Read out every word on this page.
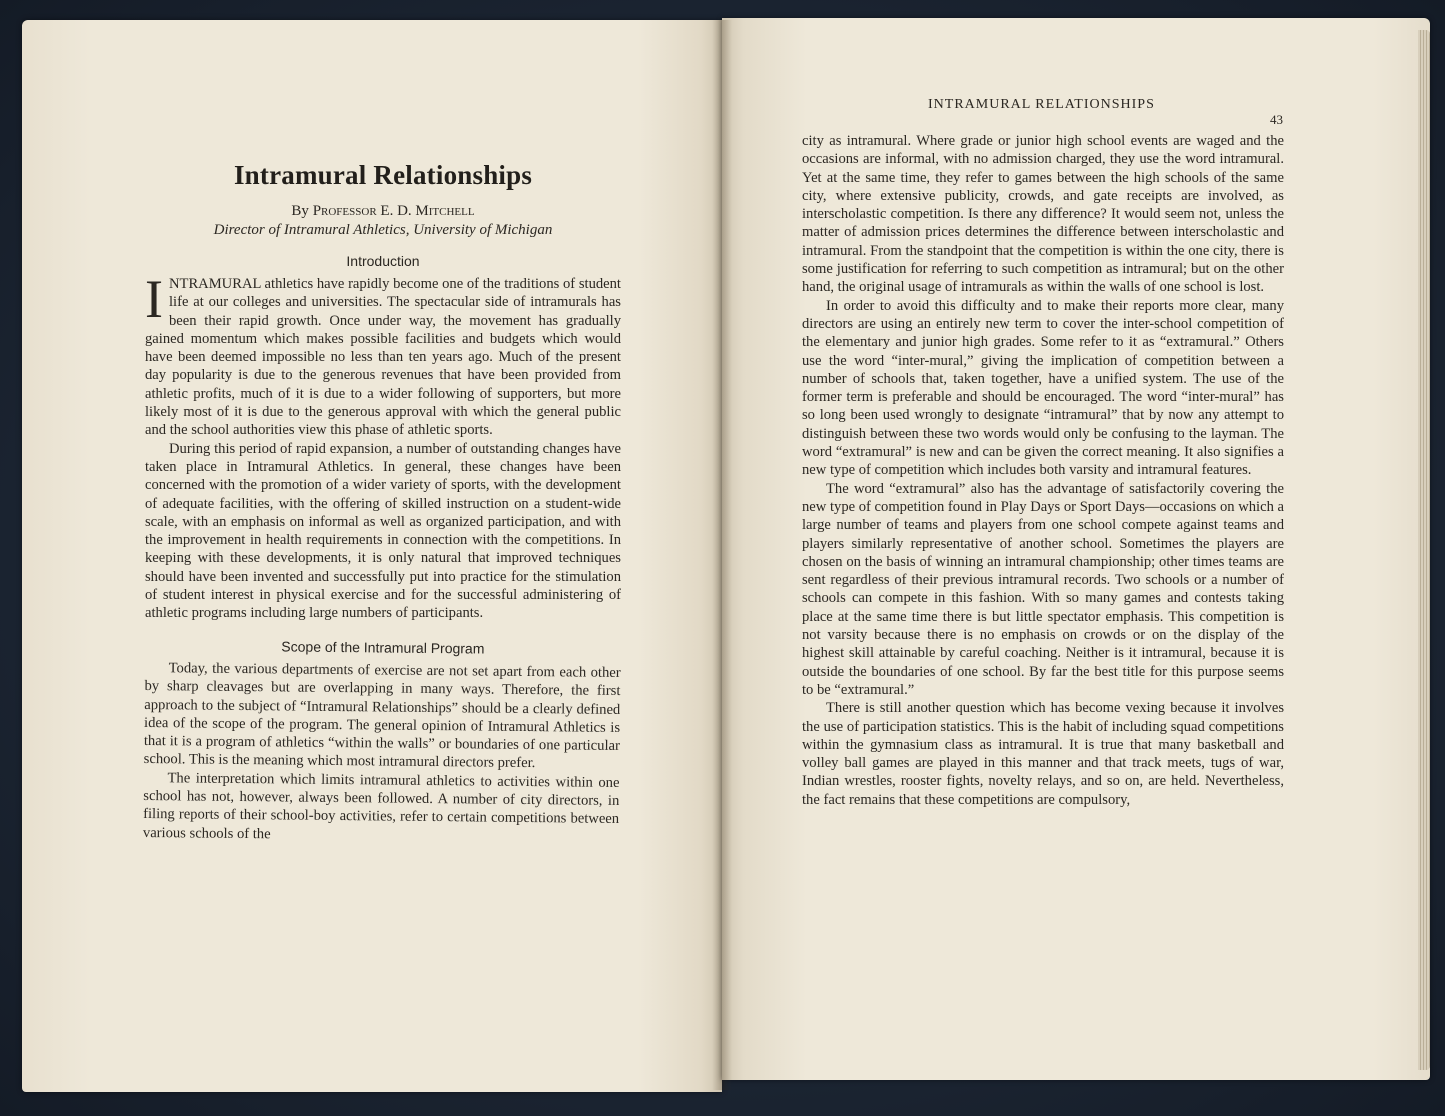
Intramural Relationships

By Professor E. D. Mitchell

Director of Intramural Athletics, University of Michigan

Introduction

INTRAMURAL athletics have rapidly become one of the traditions of student life at our colleges and universities. The spectacular side of intramurals has been their rapid growth. Once under way, the movement has gradually gained momentum which makes possible facilities and budgets which would have been deemed impossible no less than ten years ago. Much of the present day popularity is due to the generous revenues that have been provided from athletic profits, much of it is due to a wider following of supporters, but more likely most of it is due to the generous approval with which the general public and the school authorities view this phase of athletic sports.

During this period of rapid expansion, a number of outstanding changes have taken place in Intramural Athletics. In general, these changes have been concerned with the promotion of a wider variety of sports, with the development of adequate facilities, with the offering of skilled instruction on a student-wide scale, with an emphasis on informal as well as organized participation, and with the improvement in health requirements in connection with the competitions. In keeping with these developments, it is only natural that improved techniques should have been invented and successfully put into practice for the stimulation of student interest in physical exercise and for the successful administering of athletic programs including large numbers of participants.

Scope of the Intramural Program

Today, the various departments of exercise are not set apart from each other by sharp cleavages but are overlapping in many ways. Therefore, the first approach to the subject of “Intramural Relationships” should be a clearly defined idea of the scope of the program. The general opinion of Intramural Athletics is that it is a program of athletics “within the walls” or boundaries of one particular school. This is the meaning which most intramural directors prefer.

The interpretation which limits intramural athletics to activities within one school has not, however, always been followed. A number of city directors, in filing reports of their school-boy activities, refer to certain competitions between various schools of the

INTRAMURAL RELATIONSHIPS
43

city as intramural. Where grade or junior high school events are waged and the occasions are informal, with no admission charged, they use the word intramural. Yet at the same time, they refer to games between the high schools of the same city, where extensive publicity, crowds, and gate receipts are involved, as interscholastic competition. Is there any difference? It would seem not, unless the matter of admission prices determines the difference between interscholastic and intramural. From the standpoint that the competition is within the one city, there is some justification for referring to such competition as intramural; but on the other hand, the original usage of intramurals as within the walls of one school is lost.

In order to avoid this difficulty and to make their reports more clear, many directors are using an entirely new term to cover the inter-school competition of the elementary and junior high grades. Some refer to it as “extramural.” Others use the word “inter-mural,” giving the implication of competition between a number of schools that, taken together, have a unified system. The use of the former term is preferable and should be encouraged. The word “inter-mural” has so long been used wrongly to designate “intramural” that by now any attempt to distinguish between these two words would only be confusing to the layman. The word “extramural” is new and can be given the correct meaning. It also signifies a new type of competition which includes both varsity and intramural features.

The word “extramural” also has the advantage of satisfactorily covering the new type of competition found in Play Days or Sport Days—occasions on which a large number of teams and players from one school compete against teams and players similarly representative of another school. Sometimes the players are chosen on the basis of winning an intramural championship; other times teams are sent regardless of their previous intramural records. Two schools or a number of schools can compete in this fashion. With so many games and contests taking place at the same time there is but little spectator emphasis. This competition is not varsity because there is no emphasis on crowds or on the display of the highest skill attainable by careful coaching. Neither is it intramural, because it is outside the boundaries of one school. By far the best title for this purpose seems to be “extramural.”

There is still another question which has become vexing because it involves the use of participation statistics. This is the habit of including squad competitions within the gymnasium class as intramural. It is true that many basketball and volley ball games are played in this manner and that track meets, tugs of war, Indian wrestles, rooster fights, novelty relays, and so on, are held. Nevertheless, the fact remains that these competitions are compulsory,
